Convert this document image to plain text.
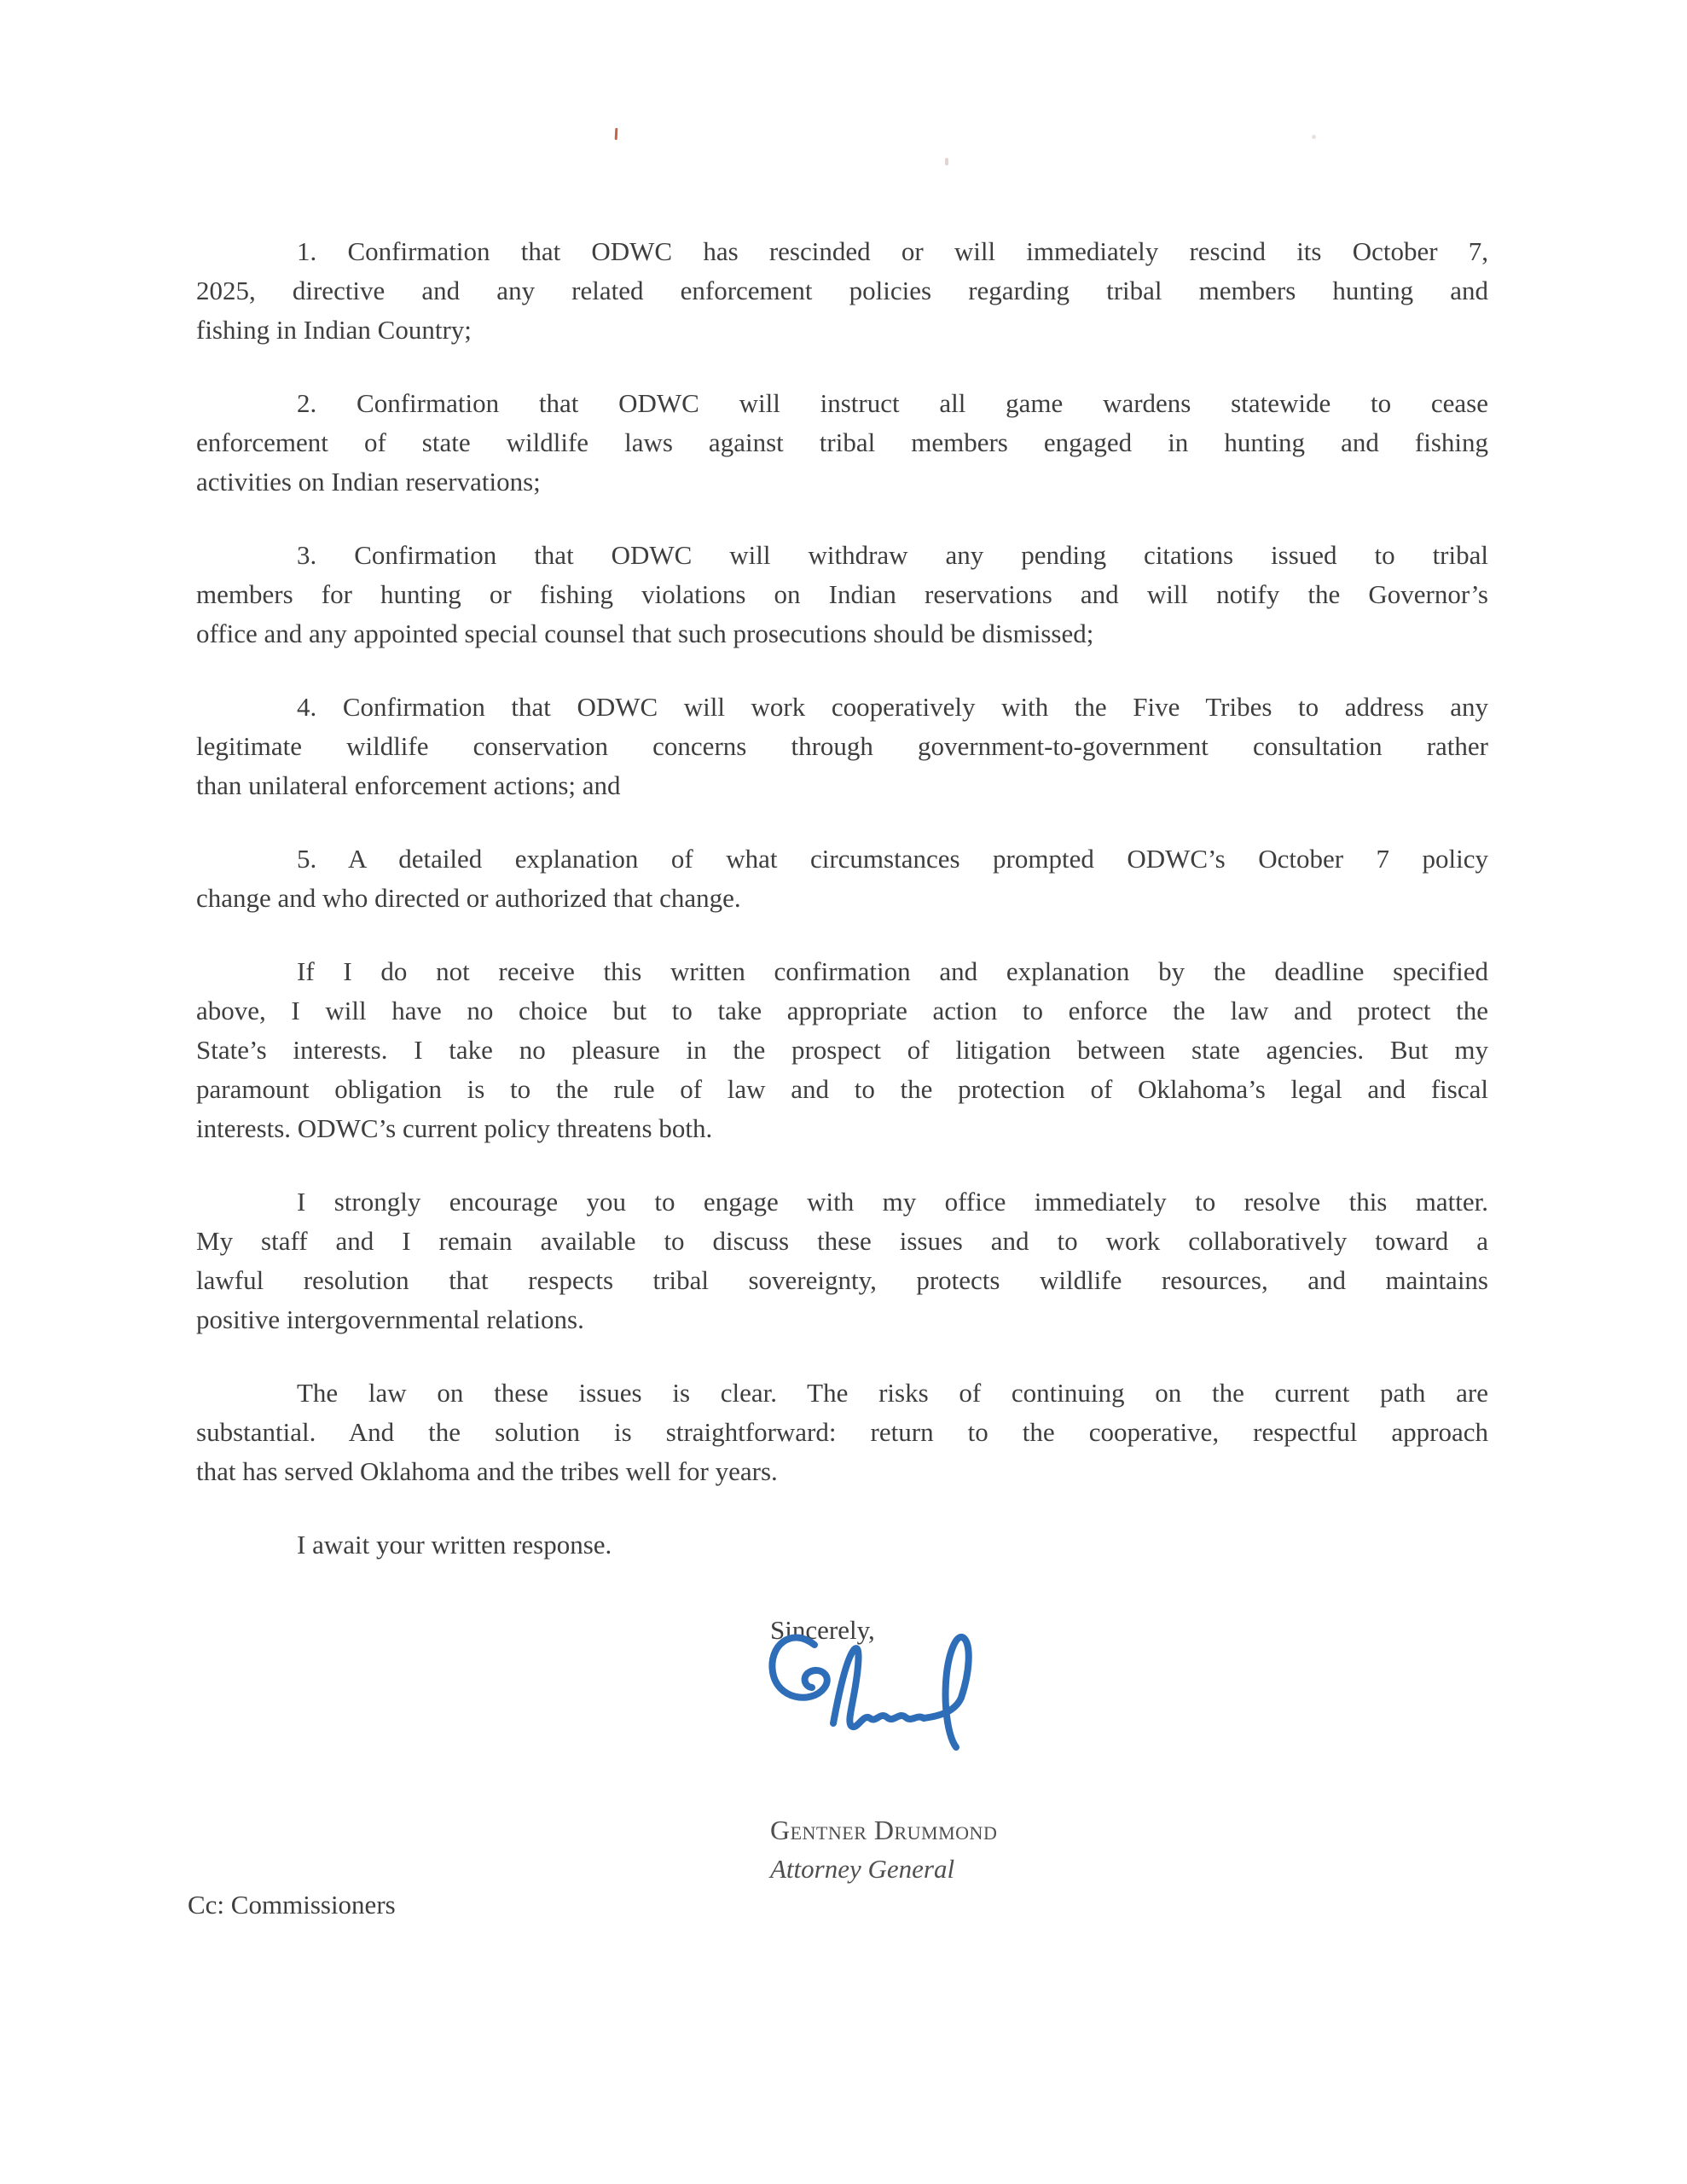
1. Confirmation that ODWC has rescinded or will immediately rescind its October 7,
2025, directive and any related enforcement policies regarding tribal members hunting and
fishing in Indian Country;

2. Confirmation that ODWC will instruct all game wardens statewide to cease
enforcement of state wildlife laws against tribal members engaged in hunting and fishing
activities on Indian reservations;

3. Confirmation that ODWC will withdraw any pending citations issued to tribal
members for hunting or fishing violations on Indian reservations and will notify the Governor’s
office and any appointed special counsel that such prosecutions should be dismissed;

4. Confirmation that ODWC will work cooperatively with the Five Tribes to address any
legitimate wildlife conservation concerns through government-to-government consultation rather
than unilateral enforcement actions; and

5. A detailed explanation of what circumstances prompted ODWC’s October 7 policy
change and who directed or authorized that change.

If I do not receive this written confirmation and explanation by the deadline specified
above, I will have no choice but to take appropriate action to enforce the law and protect the
State’s interests. I take no pleasure in the prospect of litigation between state agencies. But my
paramount obligation is to the rule of law and to the protection of Oklahoma’s legal and fiscal
interests. ODWC’s current policy threatens both.

I strongly encourage you to engage with my office immediately to resolve this matter.
My staff and I remain available to discuss these issues and to work collaboratively toward a
lawful resolution that respects tribal sovereignty, protects wildlife resources, and maintains
positive intergovernmental relations.

The law on these issues is clear. The risks of continuing on the current path are
substantial. And the solution is straightforward: return to the cooperative, respectful approach
that has served Oklahoma and the tribes well for years.

I await your written response.

Sincerely,
Gentner Drummond
Attorney General
Cc: Commissioners
